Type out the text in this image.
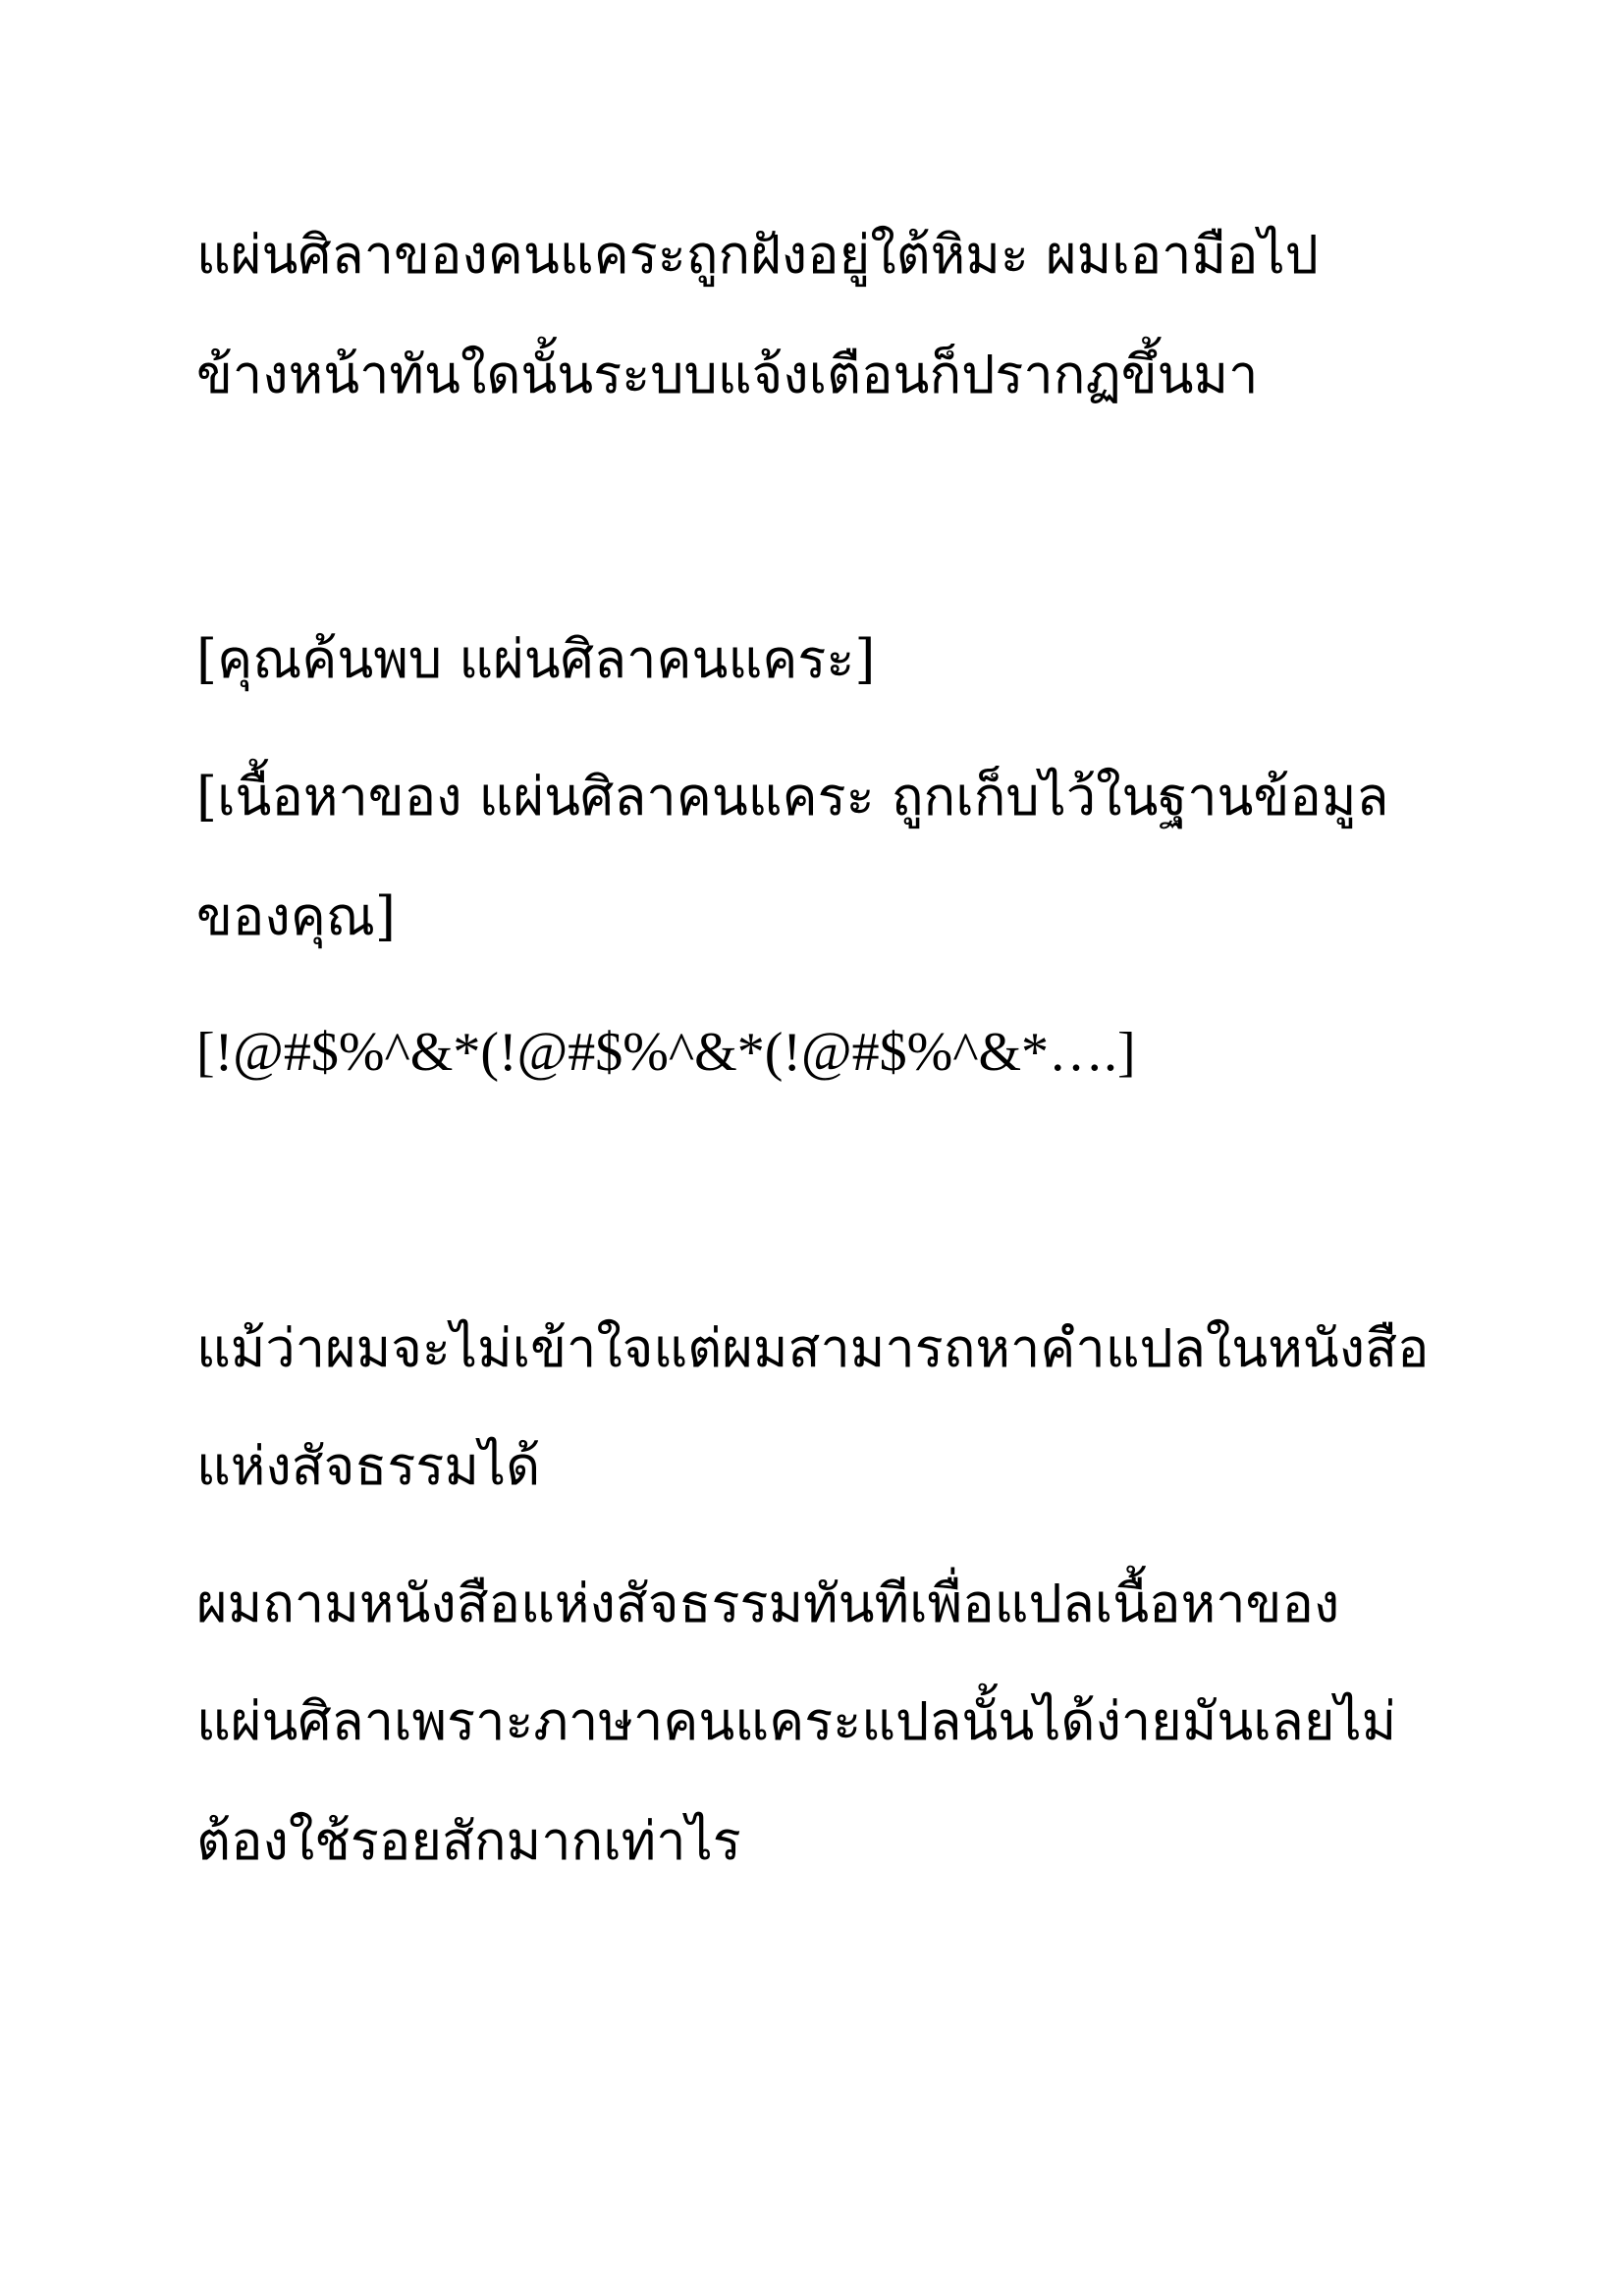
แผ่นศิลาของคนแคระถูกฝังอยู่ใต้หิมะ ผมเอามือไป

ข้างหน้าทันใดนั้นระบบแจ้งเตือนก็ปรากฏขึ้นมา

[คุณค้นพบ แผ่นศิลาคนแคระ]

[เนื้อหาของ แผ่นศิลาคนแคระ ถูกเก็บไว้ในฐานข้อมูล

ของคุณ]

[!@#$%^&*(!@#$%^&*(!@#$%^&*….]

แม้ว่าผมจะไม่เข้าใจแต่ผมสามารถหาคำแปลในหนังสือ

แห่งสัจธรรมได้

ผมถามหนังสือแห่งสัจธรรมทันทีเพื่อแปลเนื้อหาของ

แผ่นศิลาเพราะภาษาคนแคระแปลนั้นได้ง่ายมันเลยไม่

ต้องใช้รอยสักมากเท่าไร
